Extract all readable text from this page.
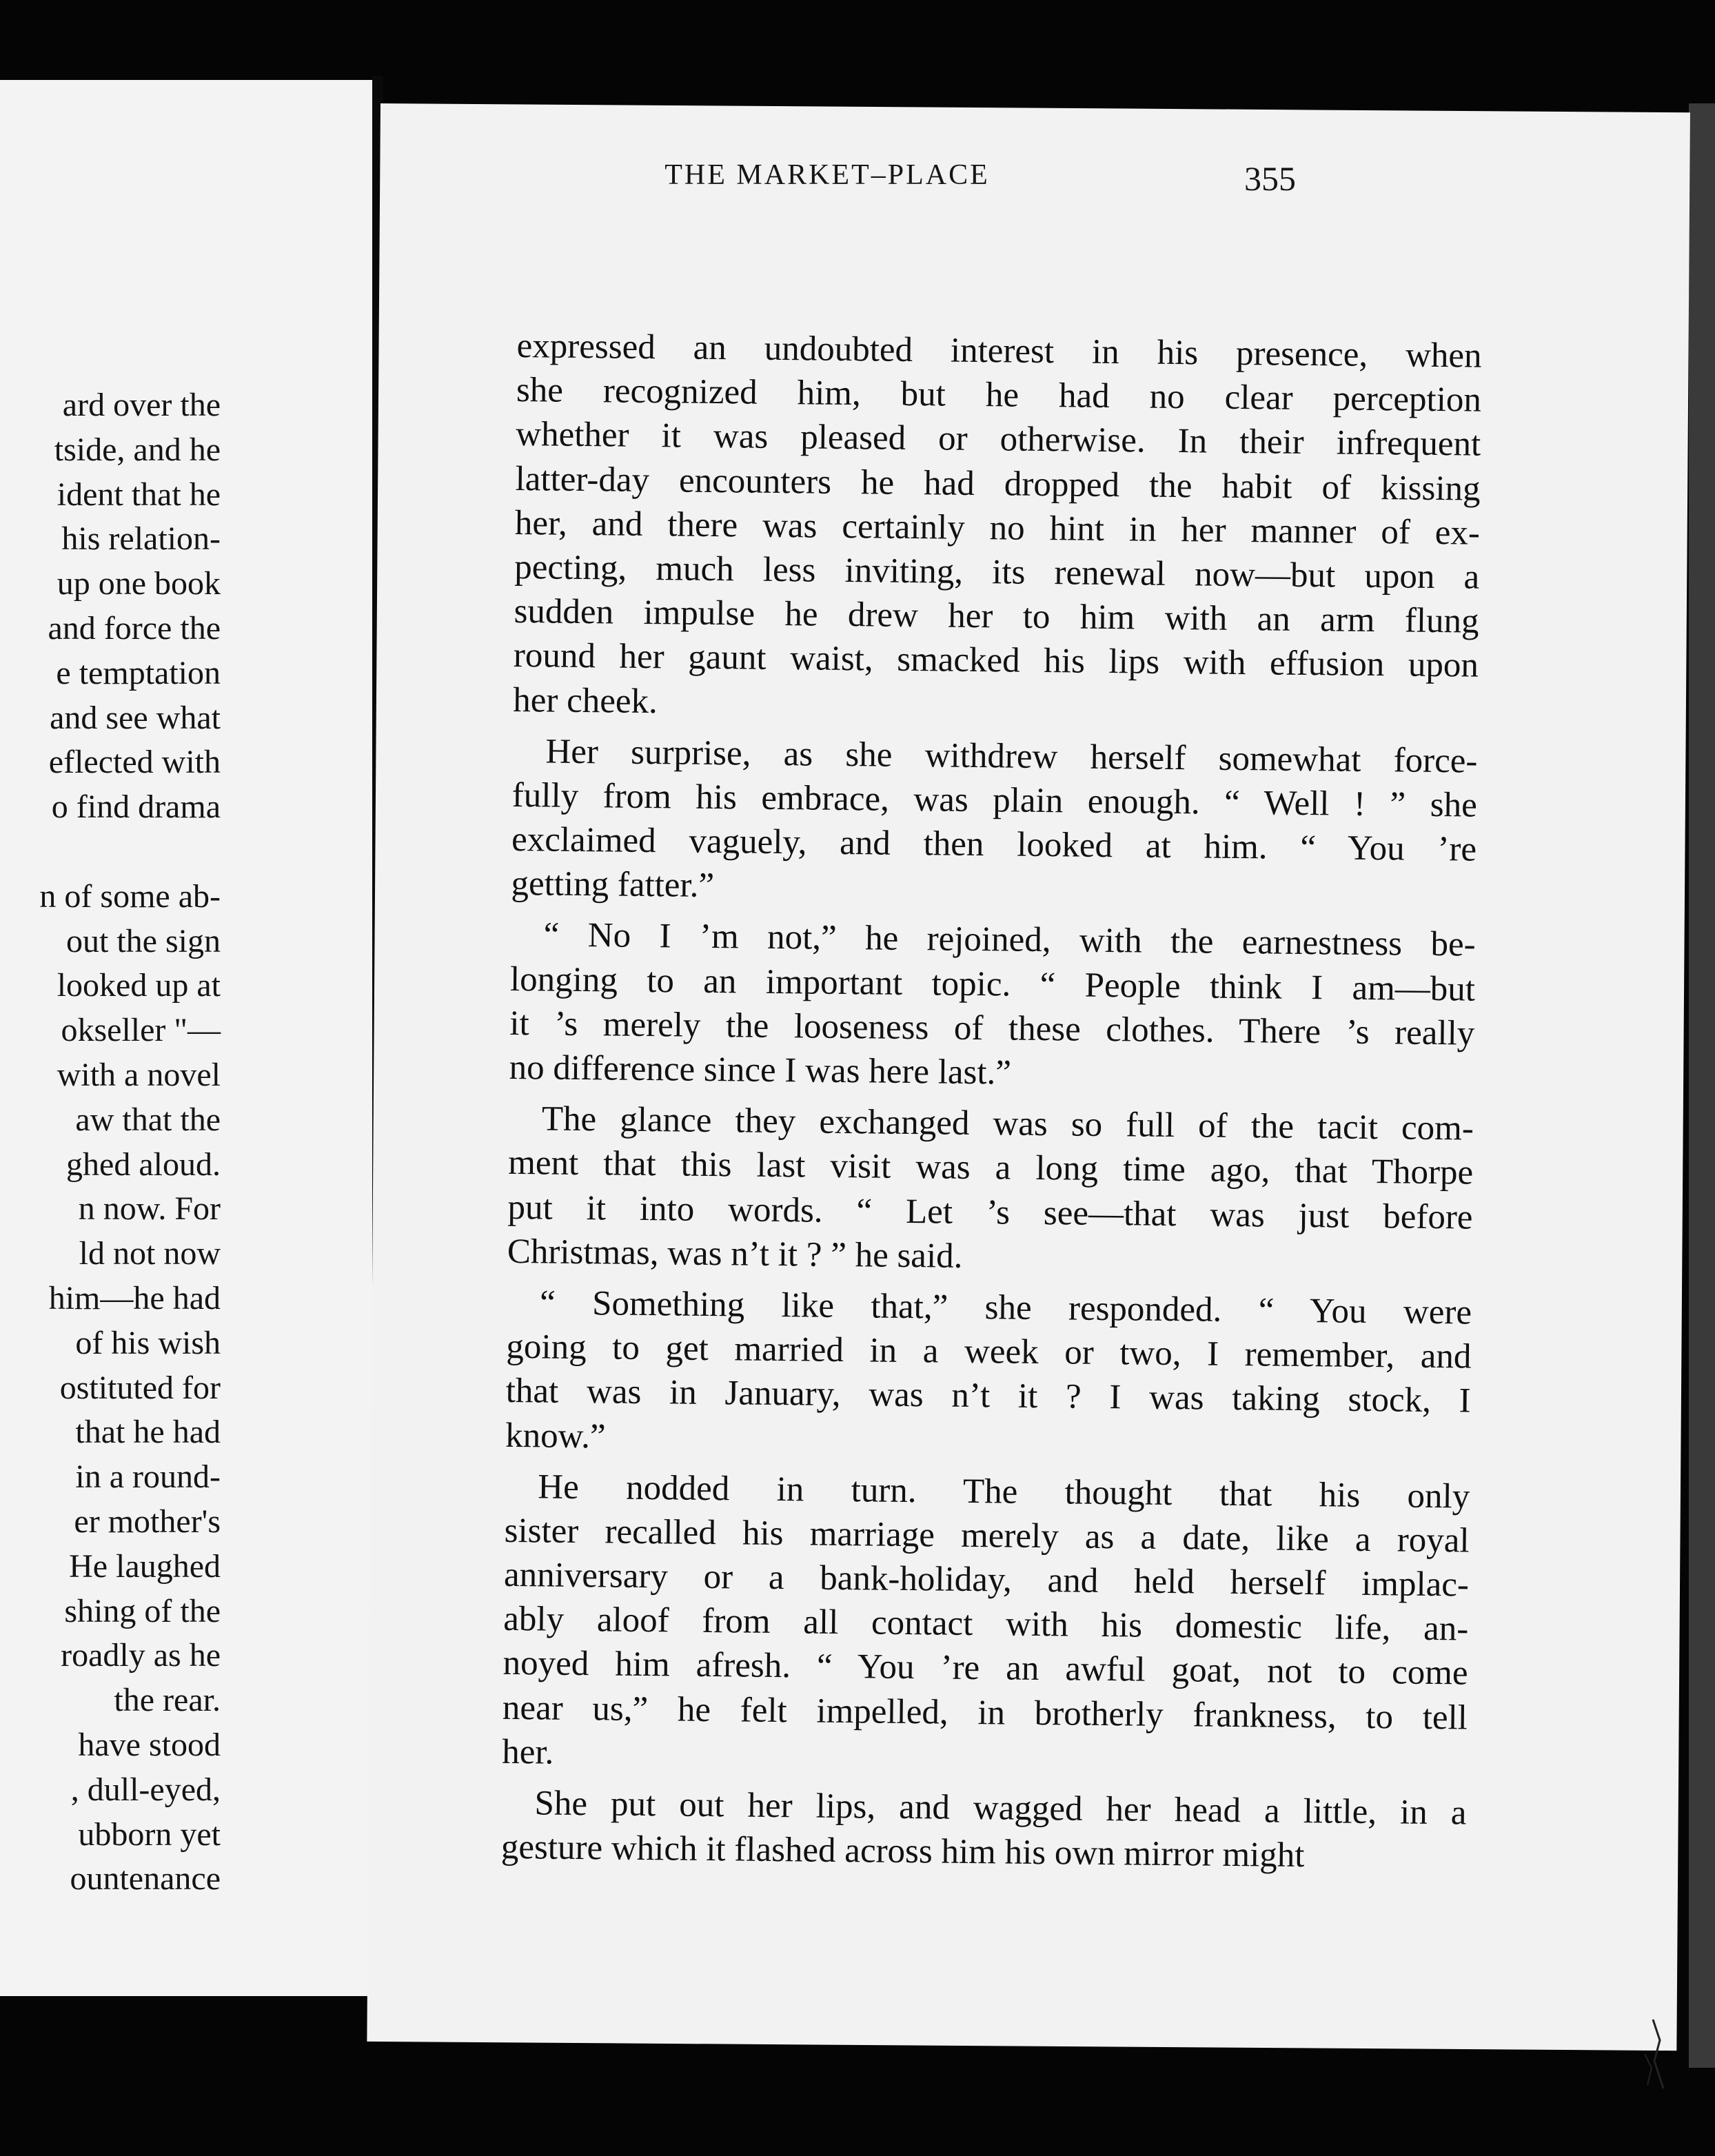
ard over the
tside, and he
ident that he
his relation-
up one book
and force the
e temptation
and see what
eflected with
o find drama
n of some ab-
out the sign
looked up at
okseller "—
with a novel
aw that the
ghed aloud.
n now. For
ld not now
him—he had
of his wish
ostituted for
that he had
in a round-
er mother's
He laughed
shing of the
roadly as he
the rear.
have stood
, dull-eyed,
ubborn yet
ountenance
THE MARKET–PLACE	355
expressed an undoubted interest in his presence, when
she recognized him, but he had no clear perception
whether it was pleased or otherwise. In their infrequent
latter-day encounters he had dropped the habit of kissing
her, and there was certainly no hint in her manner of ex-
pecting, much less inviting, its renewal now—but upon a
sudden impulse he drew her to him with an arm flung
round her gaunt waist, smacked his lips with effusion upon
her cheek.
Her surprise, as she withdrew herself somewhat force-
fully from his embrace, was plain enough. “ Well ! ” she
exclaimed vaguely, and then looked at him. “ You ’re
getting fatter.”
“ No I ’m not,” he rejoined, with the earnestness be-
longing to an important topic. “ People think I am—but
it ’s merely the looseness of these clothes. There ’s really
no difference since I was here last.”
The glance they exchanged was so full of the tacit com-
ment that this last visit was a long time ago, that Thorpe
put it into words. “ Let ’s see—that was just before
Christmas, was n’t it ? ” he said.
“ Something like that,” she responded. “ You were
going to get married in a week or two, I remember, and
that was in January, was n’t it ? I was taking stock, I
know.”
He nodded in turn. The thought that his only
sister recalled his marriage merely as a date, like a royal
anniversary or a bank-holiday, and held herself implac-
ably aloof from all contact with his domestic life, an-
noyed him afresh. “ You ’re an awful goat, not to come
near us,” he felt impelled, in brotherly frankness, to tell
her.
She put out her lips, and wagged her head a little, in a
gesture which it flashed across him his own mirror might
